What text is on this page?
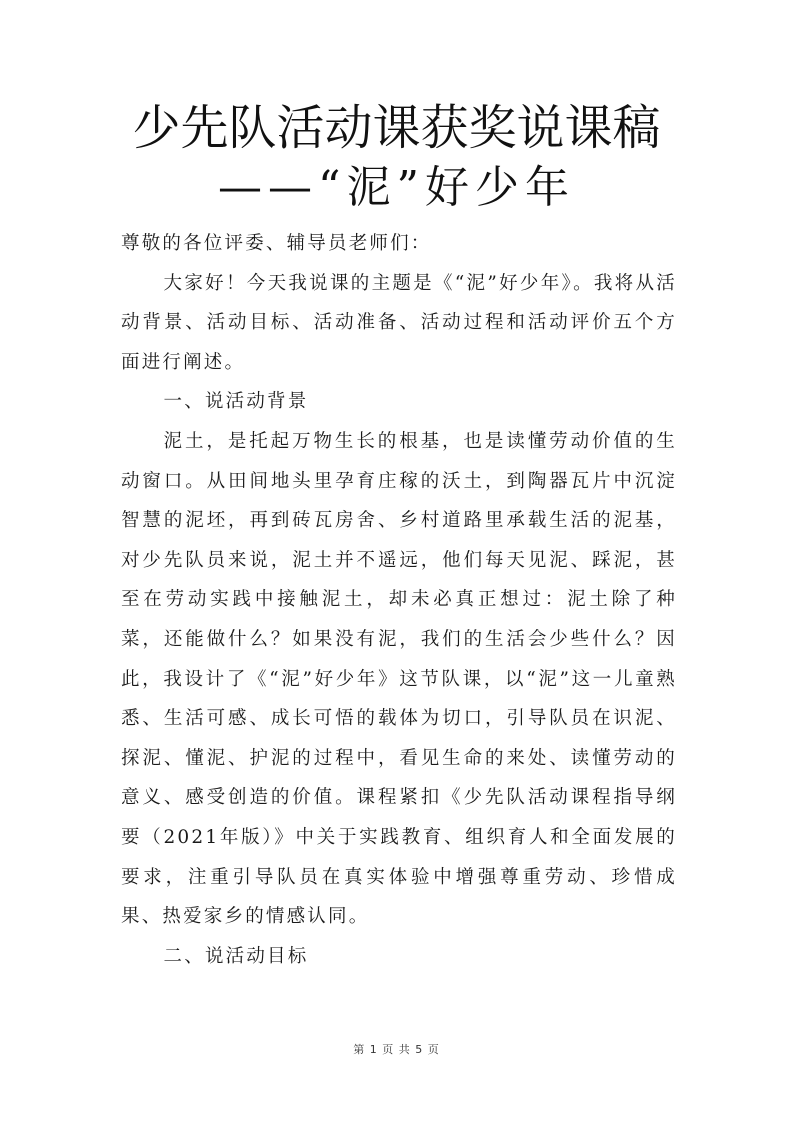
少先队活动课获奖说课稿
——“泥”好少年

尊敬的各位评委、辅导员老师们：

大家好！今天我说课的主题是《“泥”好少年》。我将从活动背景、活动目标、活动准备、活动过程和活动评价五个方面进行阐述。

一、说活动背景

泥土，是托起万物生长的根基，也是读懂劳动价值的生动窗口。从田间地头里孕育庄稼的沃土，到陶器瓦片中沉淀智慧的泥坯，再到砖瓦房舍、乡村道路里承载生活的泥基，对少先队员来说，泥土并不遥远，他们每天见泥、踩泥，甚至在劳动实践中接触泥土，却未必真正想过：泥土除了种菜，还能做什么？如果没有泥，我们的生活会少些什么？因此，我设计了《“泥”好少年》这节队课，以“泥”这一儿童熟悉、生活可感、成长可悟的载体为切口，引导队员在识泥、探泥、懂泥、护泥的过程中，看见生命的来处、读懂劳动的意义、感受创造的价值。课程紧扣《少先队活动课程指导纲要（2021年版）》中关于实践教育、组织育人和全面发展的要求，注重引导队员在真实体验中增强尊重劳动、珍惜成果、热爱家乡的情感认同。

二、说活动目标

第 1 页 共 5 页
